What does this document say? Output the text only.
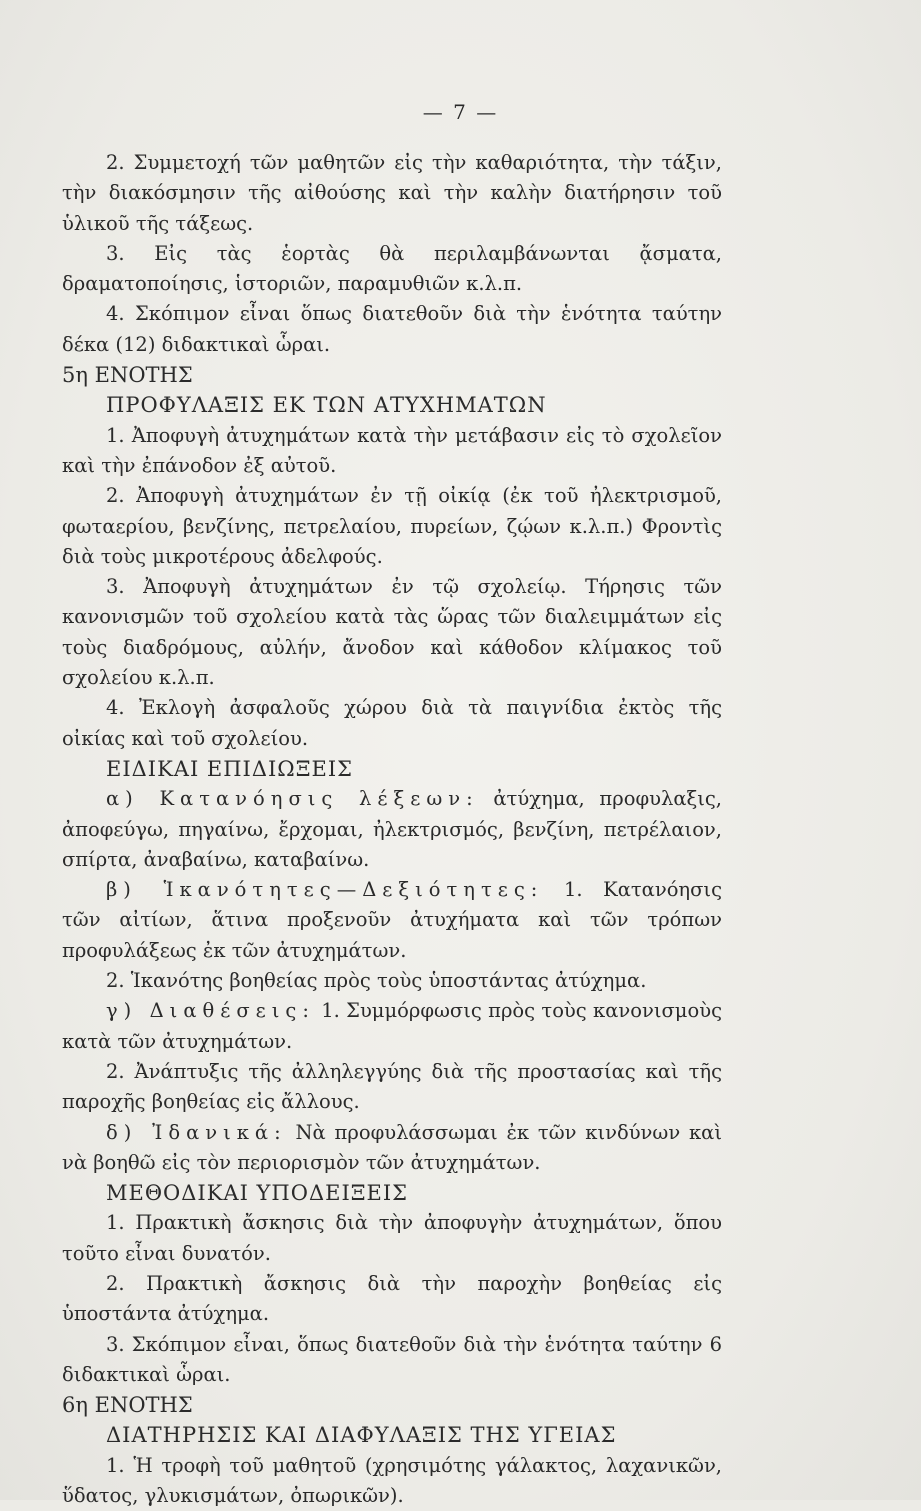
— 7 —

2. Συμμετοχή τῶν μαθητῶν εἰς τὴν καθαριότητα, τὴν τάξιν, τὴν διακόσμησιν τῆς αἰθούσης καὶ τὴν καλὴν διατήρησιν τοῦ ὑλικοῦ τῆς τάξεως.

3. Εἰς τὰς ἑορτὰς θὰ περιλαμβάνωνται ᾄσματα, δραματοποίησις, ἱστοριῶν, παραμυθιῶν κ.λ.π.

4. Σκόπιμον εἶναι ὅπως διατεθοῦν διὰ τὴν ἑνότητα ταύτην δέκα (12) διδακτικαὶ ὧραι.

5η ΕΝΟΤΗΣ

ΠΡΟΦΥΛΑΞΙΣ ΕΚ ΤΩΝ ΑΤΥΧΗΜΑΤΩΝ

1. Ἀποφυγὴ ἀτυχημάτων κατὰ τὴν μετάβασιν εἰς τὸ σχολεῖον καὶ τὴν ἐπάνοδον ἐξ αὐτοῦ.

2. Ἀποφυγὴ ἀτυχημάτων ἐν τῇ οἰκίᾳ (ἐκ τοῦ ἠλεκτρισμοῦ, φωταερίου, βενζίνης, πετρελαίου, πυρείων, ζῴων κ.λ.π.) Φροντὶς διὰ τοὺς μικροτέρους ἀδελφούς.

3. Ἀποφυγὴ ἀτυχημάτων ἐν τῷ σχολείῳ. Τήρησις τῶν κανονισμῶν τοῦ σχολείου κατὰ τὰς ὥρας τῶν διαλειμμάτων εἰς τοὺς διαδρόμους, αὐλήν, ἄνοδον καὶ κάθοδον κλίμακος τοῦ σχολείου κ.λ.π.

4. Ἐκλογὴ ἀσφαλοῦς χώρου διὰ τὰ παιγνίδια ἐκτὸς τῆς οἰκίας καὶ τοῦ σχολείου.

ΕΙΔΙΚΑΙ ΕΠΙΔΙΩΞΕΙΣ

α) Κατανόησις λέξεων: ἀτύχημα, προφυλαξις, ἀποφεύγω, πηγαίνω, ἔρχομαι, ἠλεκτρισμός, βενζίνη, πετρέλαιον, σπίρτα, ἀναβαίνω, καταβαίνω.

β) Ἱκανότητες—Δεξιότητες: 1. Κατανόησις τῶν αἰτίων, ἅτινα προξενοῦν ἀτυχήματα καὶ τῶν τρόπων προφυλάξεως ἐκ τῶν ἀτυχημάτων.

2. Ἱκανότης βοηθείας πρὸς τοὺς ὑποστάντας ἀτύχημα.

γ) Διαθέσεις: 1. Συμμόρφωσις πρὸς τοὺς κανονισμοὺς κατὰ τῶν ἀτυχημάτων.

2. Ἀνάπτυξις τῆς ἀλληλεγγύης διὰ τῆς προστασίας καὶ τῆς παροχῆς βοηθείας εἰς ἄλλους.

δ) Ἰδανικά: Νὰ προφυλάσσωμαι ἐκ τῶν κινδύνων καὶ νὰ βοηθῶ εἰς τὸν περιορισμὸν τῶν ἀτυχημάτων.

ΜΕΘΟΔΙΚΑΙ ΥΠΟΔΕΙΞΕΙΣ

1. Πρακτικὴ ἄσκησις διὰ τὴν ἀποφυγὴν ἀτυχημάτων, ὅπου τοῦτο εἶναι δυνατόν.

2. Πρακτικὴ ἄσκησις διὰ τὴν παροχὴν βοηθείας εἰς ὑποστάντα ἀτύχημα.

3. Σκόπιμον εἶναι, ὅπως διατεθοῦν διὰ τὴν ἑνότητα ταύτην 6 διδακτικαὶ ὧραι.

6η ΕΝΟΤΗΣ

ΔΙΑΤΗΡΗΣΙΣ ΚΑΙ ΔΙΑΦΥΛΑΞΙΣ ΤΗΣ ΥΓΕΙΑΣ

1. Ἡ τροφὴ τοῦ μαθητοῦ (χρησιμότης γάλακτος, λαχανικῶν, ὕδατος, γλυκισμάτων, ὀπωρικῶν).
